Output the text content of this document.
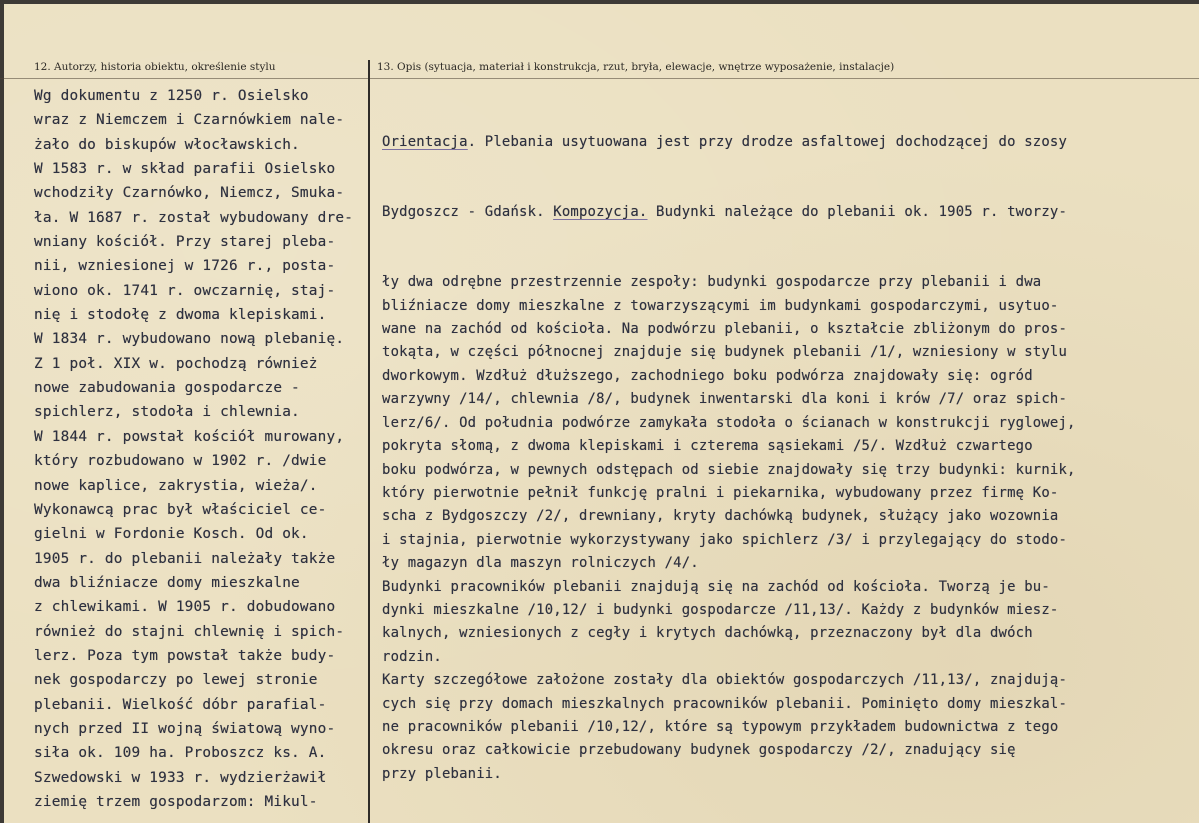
12. Autorzy, historia obiektu, określenie stylu	13. Opis (sytuacja, materiał i konstrukcja, rzut, bryła, elewacje, wnętrze wyposażenie, instalacje)
Wg dokumentu z 1250 r. Osielsko
wraz z Niemczem i Czarnówkiem nale-
żało do biskupów włocławskich.
W 1583 r. w skład parafii Osielsko
wchodziły Czarnówko, Niemcz, Smuka-
ła. W 1687 r. został wybudowany dre-
wniany kościół. Przy starej pleba-
nii, wzniesionej w 1726 r., posta-
wiono ok. 1741 r. owczarnię, staj-
nię i stodołę z dwoma klepiskami.
W 1834 r. wybudowano nową plebanię.
Z 1 poł. XIX w. pochodzą również
nowe zabudowania gospodarcze -
spichlerz, stodoła i chlewnia.
W 1844 r. powstał kościół murowany,
który rozbudowano w 1902 r. /dwie
nowe kaplice, zakrystia, wieża/.
Wykonawcą prac był właściciel ce-
gielni w Fordonie Kosch. Od ok.
1905 r. do plebanii należały także
dwa bliźniacze domy mieszkalne
z chlewikami. W 1905 r. dobudowano
również do stajni chlewnię i spich-
lerz. Poza tym powstał także budy-
nek gospodarczy po lewej stronie
plebanii. Wielkość dóbr parafial-
nych przed II wojną światową wyno-
siła ok. 109 ha. Proboszcz ks. A.
Szwedowski w 1933 r. wydzierżawił
ziemię trzem gospodarzom: Mikul-

Orientacja. Plebania usytuowana jest przy drodze asfaltowej dochodzącej do szosy

Bydgoszcz - Gdańsk. Kompozycja. Budynki należące do plebanii ok. 1905 r. tworzy-

ły dwa odrębne przestrzennie zespoły: budynki gospodarcze przy plebanii i dwa
bliźniacze domy mieszkalne z towarzyszącymi im budynkami gospodarczymi, usytuo-
wane na zachód od kościoła. Na podwórzu plebanii, o kształcie zbliżonym do pros-
tokąta, w części północnej znajduje się budynek plebanii /1/, wzniesiony w stylu
dworkowym. Wzdłuż dłuższego, zachodniego boku podwórza znajdowały się: ogród
warzywny /14/, chlewnia /8/, budynek inwentarski dla koni i krów /7/ oraz spich-
lerz/6/. Od południa podwórze zamykała stodoła o ścianach w konstrukcji ryglowej,
pokryta słomą, z dwoma klepiskami i czterema sąsiekami /5/. Wzdłuż czwartego
boku podwórza, w pewnych odstępach od siebie znajdowały się trzy budynki: kurnik,
który pierwotnie pełnił funkcję pralni i piekarnika, wybudowany przez firmę Ko-
scha z Bydgoszczy /2/, drewniany, kryty dachówką budynek, służący jako wozownia
i stajnia, pierwotnie wykorzystywany jako spichlerz /3/ i przylegający do stodo-
ły magazyn dla maszyn rolniczych /4/.
Budynki pracowników plebanii znajdują się na zachód od kościoła. Tworzą je bu-
dynki mieszkalne /10,12/ i budynki gospodarcze /11,13/. Każdy z budynków miesz-
kalnych, wzniesionych z cegły i krytych dachówką, przeznaczony był dla dwóch
rodzin.
Karty szczegółowe założone zostały dla obiektów gospodarczych /11,13/, znajdują-
cych się przy domach mieszkalnych pracowników plebanii. Pominięto domy mieszkal-
ne pracowników plebanii /10,12/, które są typowym przykładem budownictwa z tego
okresu oraz całkowicie przebudowany budynek gospodarczy /2/, znadujący się
przy plebanii.
